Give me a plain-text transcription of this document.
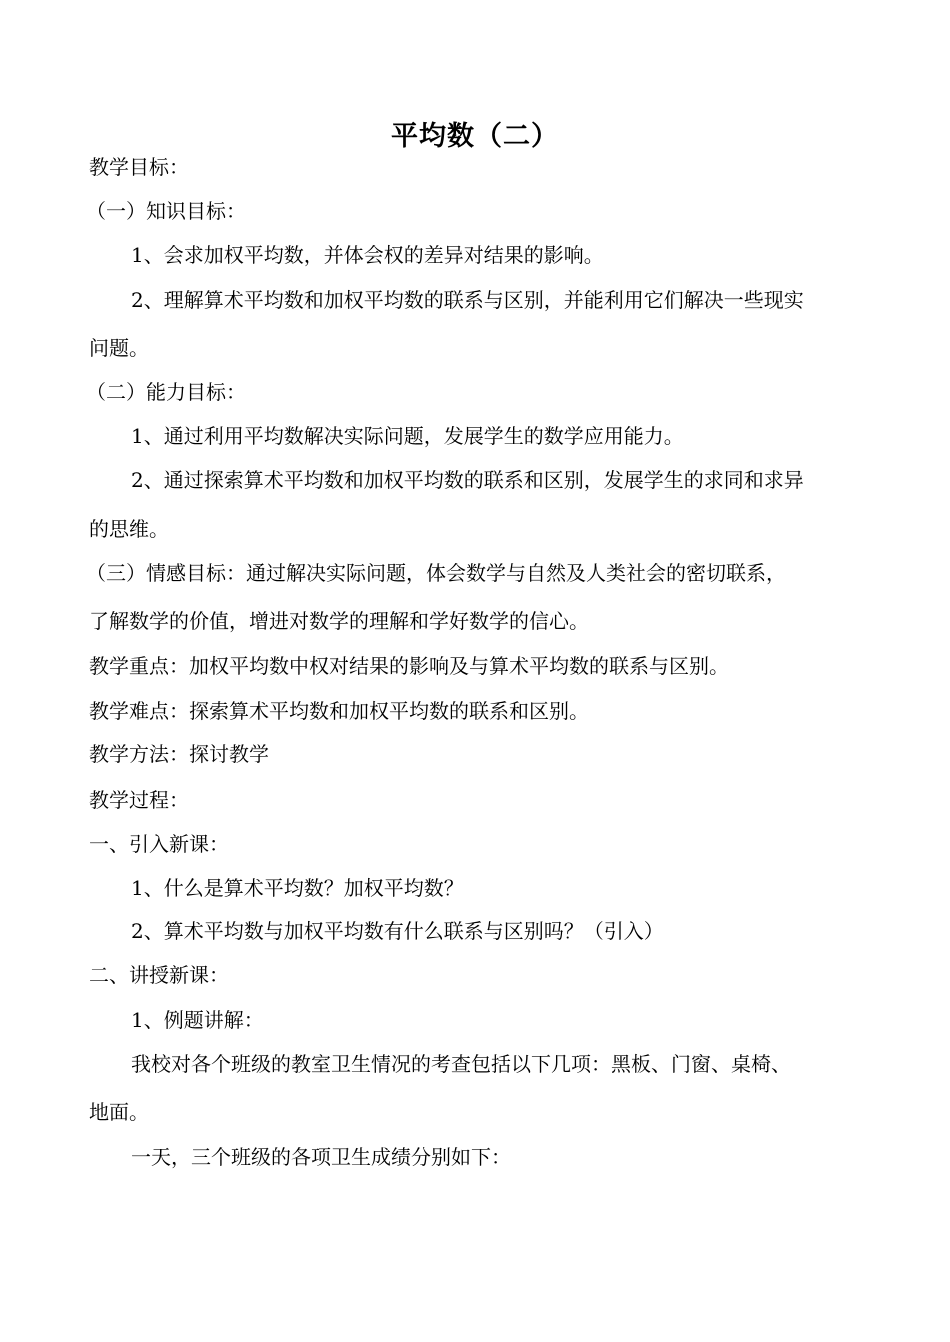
平均数（二）
教学目标：
（一）知识目标：
1、会求加权平均数，并体会权的差异对结果的影响。
2、理解算术平均数和加权平均数的联系与区别，并能利用它们解决一些现实
问题。
（二）能力目标：
1、通过利用平均数解决实际问题，发展学生的数学应用能力。
2、通过探索算术平均数和加权平均数的联系和区别，发展学生的求同和求异
的思维。
（三）情感目标：通过解决实际问题，体会数学与自然及人类社会的密切联系，
了解数学的价值，增进对数学的理解和学好数学的信心。
教学重点：加权平均数中权对结果的影响及与算术平均数的联系与区别。
教学难点：探索算术平均数和加权平均数的联系和区别。
教学方法：探讨教学
教学过程：
一、引入新课：
1、什么是算术平均数？加权平均数？
2、算术平均数与加权平均数有什么联系与区别吗？（引入）
二、讲授新课：
1、例题讲解：
我校对各个班级的教室卫生情况的考查包括以下几项：黑板、门窗、桌椅、
地面。
一天，三个班级的各项卫生成绩分别如下：
